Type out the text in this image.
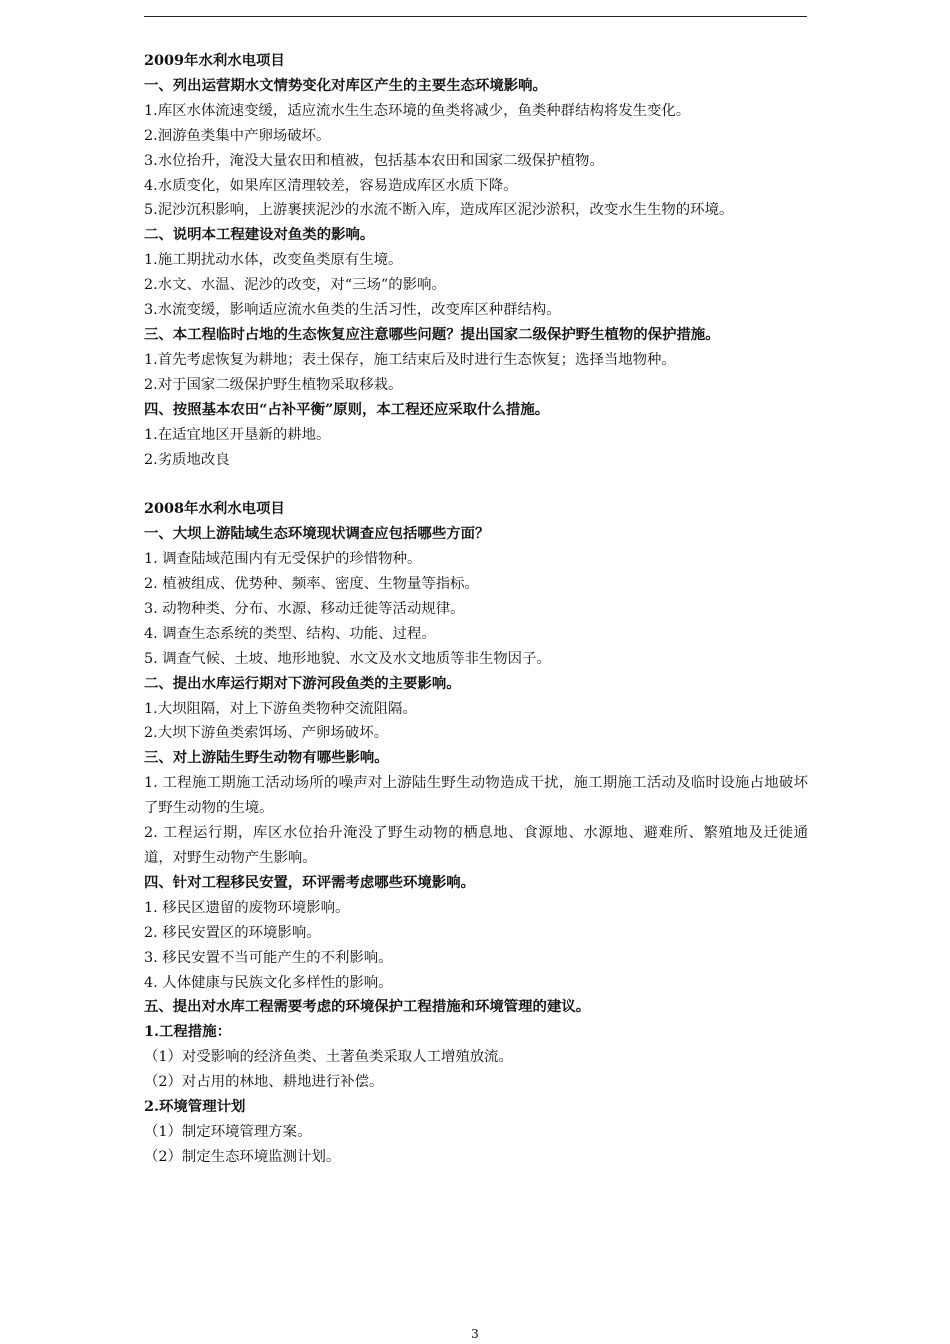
2009年水利水电项目
一、列出运营期水文情势变化对库区产生的主要生态环境影响。
1.库区水体流速变缓，适应流水生生态环境的鱼类将减少，鱼类种群结构将发生变化。
2.洄游鱼类集中产卵场破坏。
3.水位抬升，淹没大量农田和植被，包括基本农田和国家二级保护植物。
4.水质变化，如果库区清理较差，容易造成库区水质下降。
5.泥沙沉积影响，上游裹挟泥沙的水流不断入库，造成库区泥沙淤积，改变水生生物的环境。
二、说明本工程建设对鱼类的影响。
1.施工期扰动水体，改变鱼类原有生境。
2.水文、水温、泥沙的改变，对“三场”的影响。
3.水流变缓，影响适应流水鱼类的生活习性，改变库区种群结构。
三、本工程临时占地的生态恢复应注意哪些问题？提出国家二级保护野生植物的保护措施。
1.首先考虑恢复为耕地；表土保存，施工结束后及时进行生态恢复；选择当地物种。
2.对于国家二级保护野生植物采取移栽。
四、按照基本农田“占补平衡”原则，本工程还应采取什么措施。
1.在适宜地区开垦新的耕地。
2.劣质地改良
2008年水利水电项目
一、大坝上游陆域生态环境现状调查应包括哪些方面？
1. 调查陆域范围内有无受保护的珍惜物种。
2. 植被组成、优势种、频率、密度、生物量等指标。
3. 动物种类、分布、水源、移动迁徙等活动规律。
4. 调查生态系统的类型、结构、功能、过程。
5. 调查气候、土坡、地形地貌、水文及水文地质等非生物因子。
二、提出水库运行期对下游河段鱼类的主要影响。
1.大坝阻隔，对上下游鱼类物种交流阻隔。
2.大坝下游鱼类索饵场、产卵场破坏。
三、对上游陆生野生动物有哪些影响。
1. 工程施工期施工活动场所的噪声对上游陆生野生动物造成干扰，施工期施工活动及临时设施占地破坏了野生动物的生境。
2. 工程运行期，库区水位抬升淹没了野生动物的栖息地、食源地、水源地、避难所、繁殖地及迁徙通道，对野生动物产生影响。
四、针对工程移民安置，环评需考虑哪些环境影响。
1. 移民区遗留的废物环境影响。
2. 移民安置区的环境影响。
3. 移民安置不当可能产生的不利影响。
4. 人体健康与民族文化多样性的影响。
五、提出对水库工程需要考虑的环境保护工程措施和环境管理的建议。
1.工程措施：
（1）对受影响的经济鱼类、土著鱼类采取人工增殖放流。
（2）对占用的林地、耕地进行补偿。
2.环境管理计划
（1）制定环境管理方案。
（2）制定生态环境监测计划。
3
